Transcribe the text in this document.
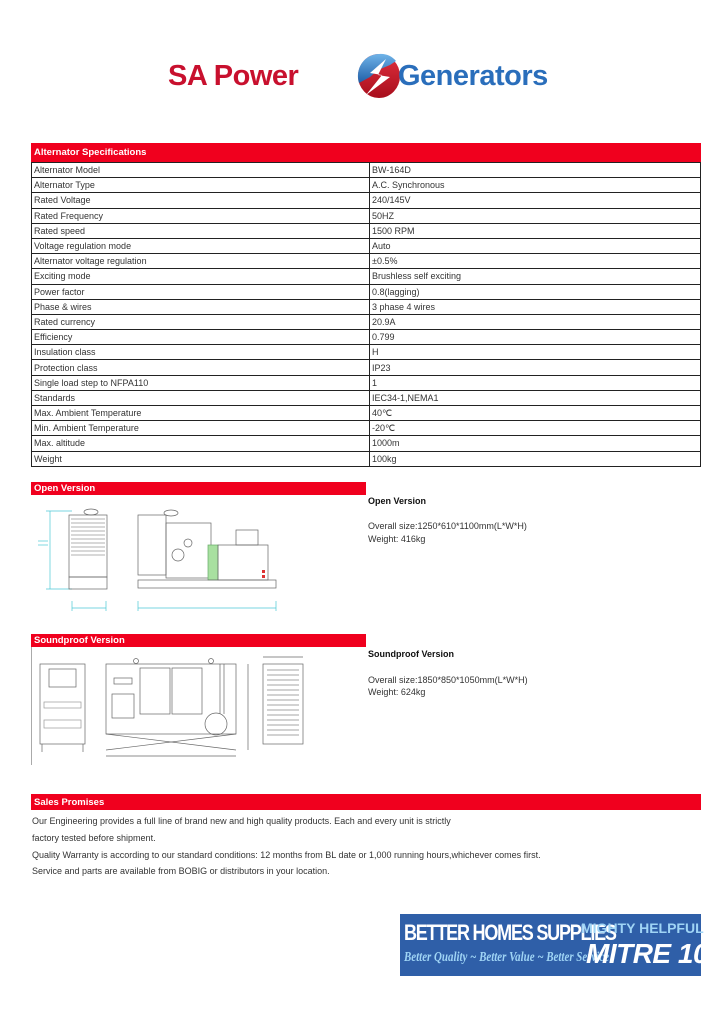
SA Power	Generators
Alternator Specifications
Alternator Model	BW-164D
Alternator Type	A.C. Synchronous
Rated Voltage	240/145V
Rated Frequency	50HZ
Rated speed	1500 RPM
Voltage regulation mode	Auto
Alternator voltage regulation	±0.5%
Exciting mode	Brushless self exciting
Power factor	0.8(lagging)
Phase & wires	3 phase 4 wires
Rated currency	20.9A
Efficiency	0.799
Insulation class	H
Protection class	IP23
Single load step to NFPA110	1
Standards	IEC34-1,NEMA1
Max. Ambient Temperature	40℃
Min. Ambient Temperature	-20℃
Max. altitude	1000m
Weight	100kg
Open Version
Open Version
Overall size:1250*610*1100mm(L*W*H)
Weight: 416kg
Soundproof Version
Soundproof Version
Overall size:1850*850*1050mm(L*W*H)
Weight: 624kg
Sales Promises
Our Engineering provides a full line of brand new and high quality products. Each and every unit is strictly
factory tested before shipment.
Quality Warranty is according to our standard conditions: 12 months from BL date or 1,000 running hours,whichever comes first.
Service and parts are available from BOBIG or distributors in your location.
BETTER HOMES SUPPLIES
Better Quality ~ Better Value ~ Better Service
MIGHTY HELPFUL
MITRE 10
